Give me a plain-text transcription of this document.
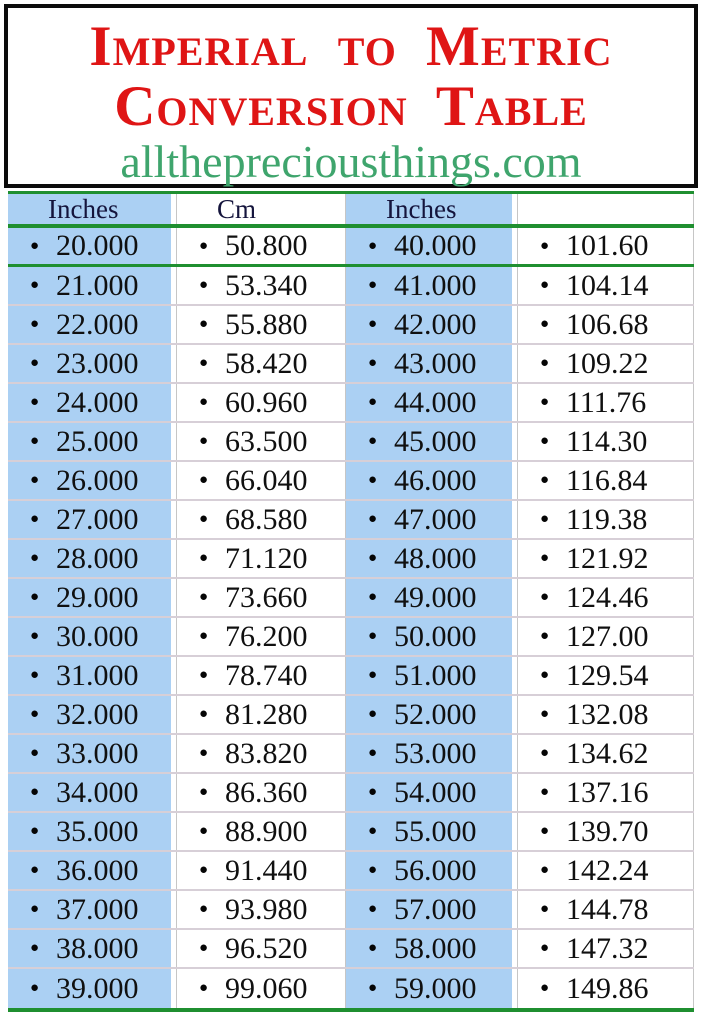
Imperial to Metric
Conversion Table
allthepreciousthings.com
Inches	Cm	Inches
● 20.000	● 50.800	● 40.000	● 101.60
● 21.000	● 53.340	● 41.000	● 104.14
● 22.000	● 55.880	● 42.000	● 106.68
● 23.000	● 58.420	● 43.000	● 109.22
● 24.000	● 60.960	● 44.000	● 111.76
● 25.000	● 63.500	● 45.000	● 114.30
● 26.000	● 66.040	● 46.000	● 116.84
● 27.000	● 68.580	● 47.000	● 119.38
● 28.000	● 71.120	● 48.000	● 121.92
● 29.000	● 73.660	● 49.000	● 124.46
● 30.000	● 76.200	● 50.000	● 127.00
● 31.000	● 78.740	● 51.000	● 129.54
● 32.000	● 81.280	● 52.000	● 132.08
● 33.000	● 83.820	● 53.000	● 134.62
● 34.000	● 86.360	● 54.000	● 137.16
● 35.000	● 88.900	● 55.000	● 139.70
● 36.000	● 91.440	● 56.000	● 142.24
● 37.000	● 93.980	● 57.000	● 144.78
● 38.000	● 96.520	● 58.000	● 147.32
● 39.000	● 99.060	● 59.000	● 149.86
